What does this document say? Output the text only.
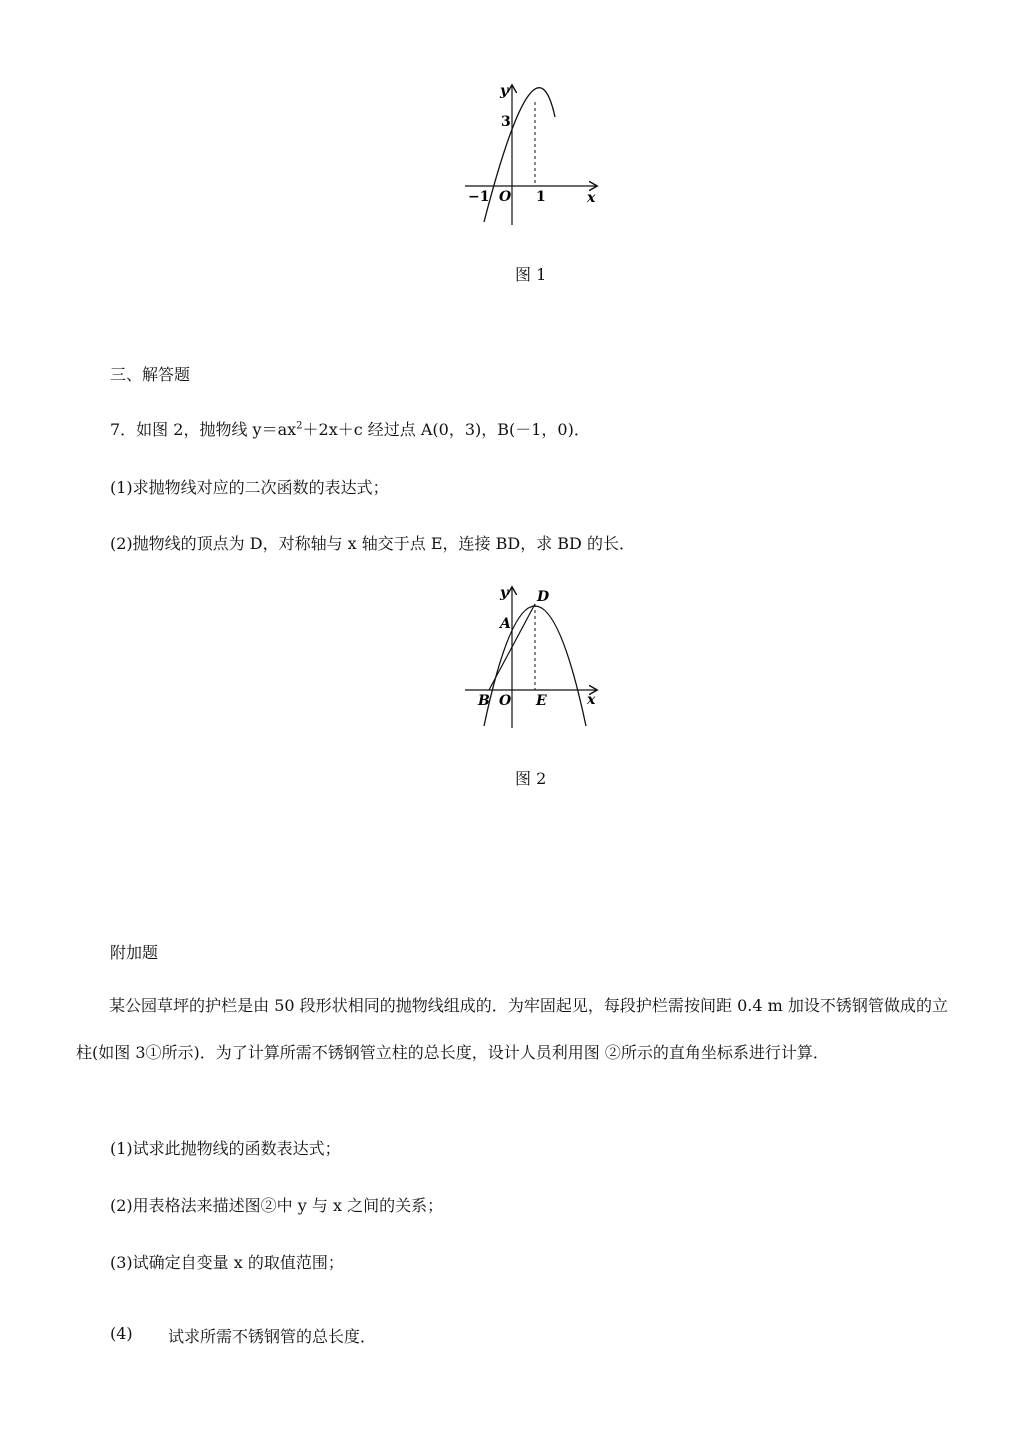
y
x
O
−1	1
3
图 1
三、解答题
7．如图 2，抛物线 $y=ax^2+2x+c$ 经过点 A(0，3)，B(－1，0)．
(1)求抛物线对应的二次函数的表达式；
(2)抛物线的顶点为 D，对称轴与 x 轴交于点 E，连接 BD，求 BD 的长．
y
x
O
A
B
D
E
图 2
附加题
某公园草坪的护栏是由 50 段形状相同的抛物线组成的．为牢固起见，每段护栏需按间距 0.4 m 加设不锈钢管做成的立柱(如图 3①所示)．为了计算所需不锈钢管立柱的总长度，设计人员利用图 ②所示的直角坐标系进行计算．
(1)试求此抛物线的函数表达式；
(2)用表格法来描述图②中 y 与 x 之间的关系；
(3)试确定自变量 x 的取值范围；
(4) 试求所需不锈钢管的总长度．
